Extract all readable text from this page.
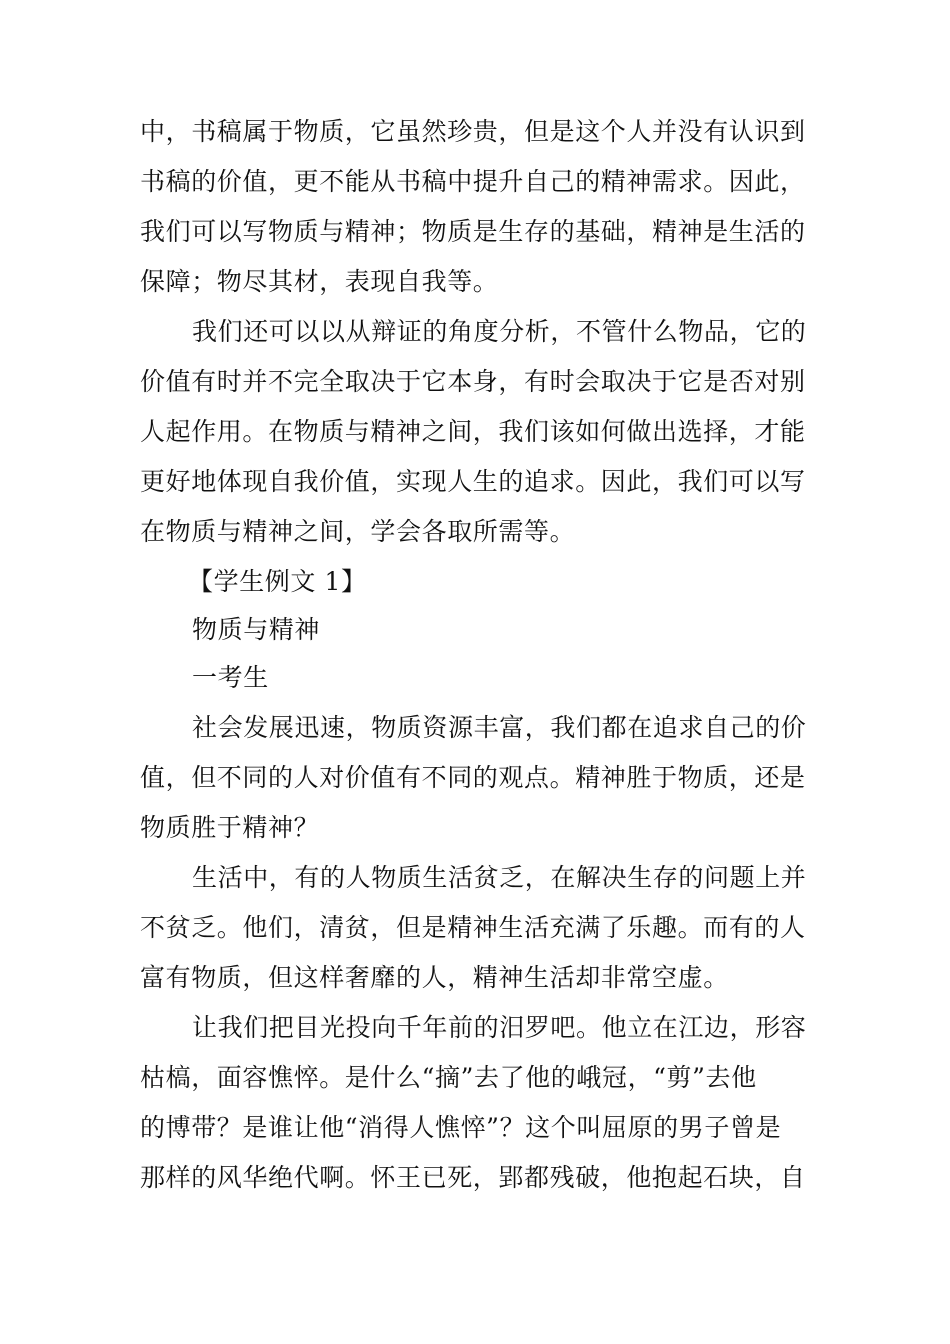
中，书稿属于物质，它虽然珍贵，但是这个人并没有认识到
书稿的价值，更不能从书稿中提升自己的精神需求。因此，
我们可以写物质与精神；物质是生存的基础，精神是生活的
保障；物尽其材，表现自我等。
我们还可以以从辩证的角度分析，不管什么物品，它的
价值有时并不完全取决于它本身，有时会取决于它是否对别
人起作用。在物质与精神之间，我们该如何做出选择，才能
更好地体现自我价值，实现人生的追求。因此，我们可以写
在物质与精神之间，学会各取所需等。
【学生例文 1】
物质与精神
一考生
社会发展迅速，物质资源丰富，我们都在追求自己的价
值，但不同的人对价值有不同的观点。精神胜于物质，还是
物质胜于精神？
生活中，有的人物质生活贫乏，在解决生存的问题上并
不贫乏。他们，清贫，但是精神生活充满了乐趣。而有的人
富有物质，但这样奢靡的人，精神生活却非常空虚。
让我们把目光投向千年前的汨罗吧。他立在江边，形容
枯槁，面容憔悴。是什么“摘”去了他的峨冠，“剪”去他
的博带？是谁让他“消得人憔悴”？这个叫屈原的男子曾是
那样的风华绝代啊。怀王已死，郢都残破，他抱起石块，自
